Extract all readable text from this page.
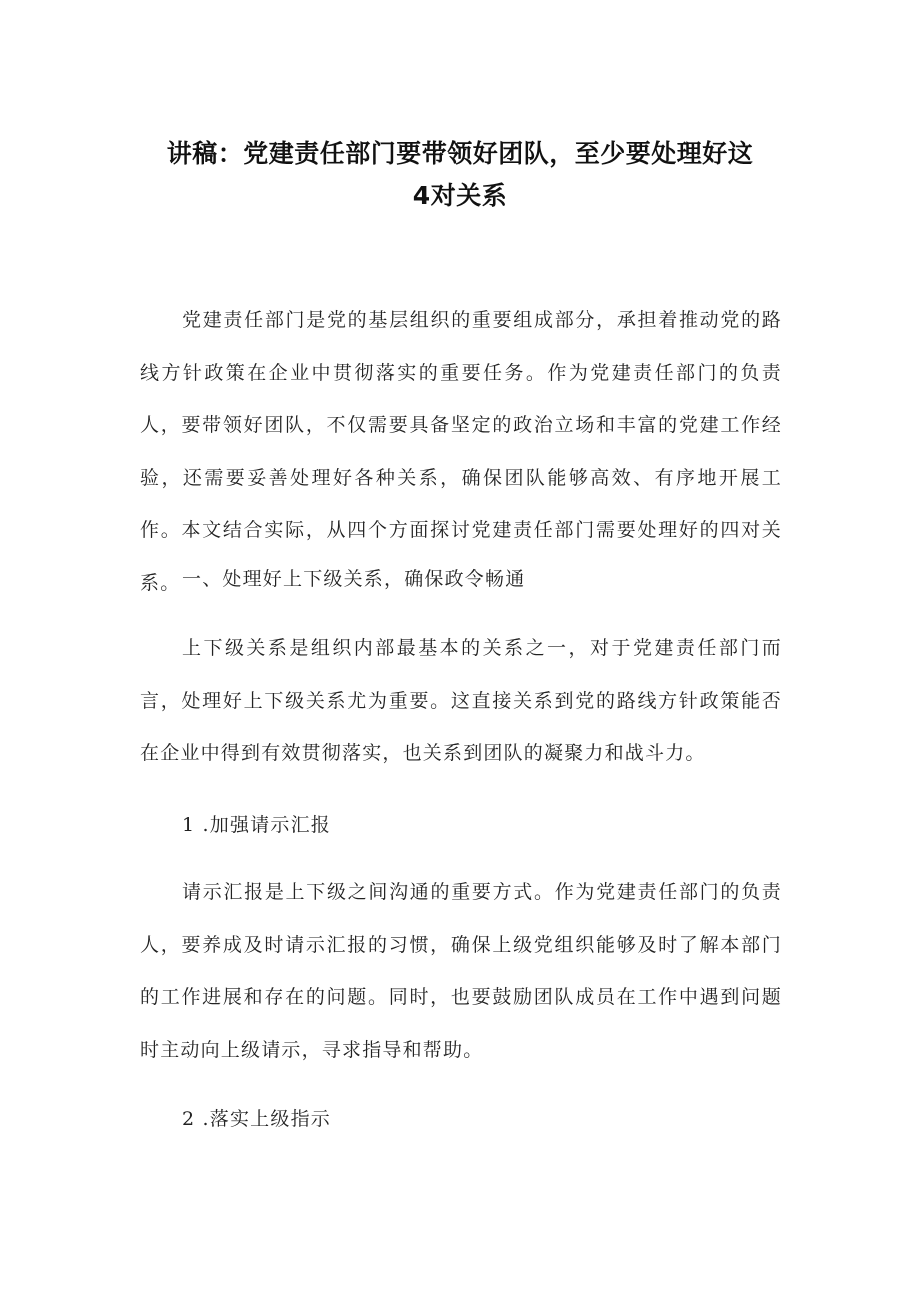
讲稿：党建责任部门要带领好团队，至少要处理好这
4对关系

党建责任部门是党的基层组织的重要组成部分，承担着推动党的路线方针政策在企业中贯彻落实的重要任务。作为党建责任部门的负责人，要带领好团队，不仅需要具备坚定的政治立场和丰富的党建工作经验，还需要妥善处理好各种关系，确保团队能够高效、有序地开展工作。本文结合实际，从四个方面探讨党建责任部门需要处理好的四对关系。 一、处理好上下级关系，确保政令畅通

上下级关系是组织内部最基本的关系之一，对于党建责任部门而言，处理好上下级关系尤为重要。这直接关系到党的路线方针政策能否在企业中得到有效贯彻落实，也关系到团队的凝聚力和战斗力。

1 .加强请示汇报

请示汇报是上下级之间沟通的重要方式。作为党建责任部门的负责人，要养成及时请示汇报的习惯，确保上级党组织能够及时了解本部门的工作进展和存在的问题。同时，也要鼓励团队成员在工作中遇到问题时主动向上级请示，寻求指导和帮助。

2 .落实上级指示
